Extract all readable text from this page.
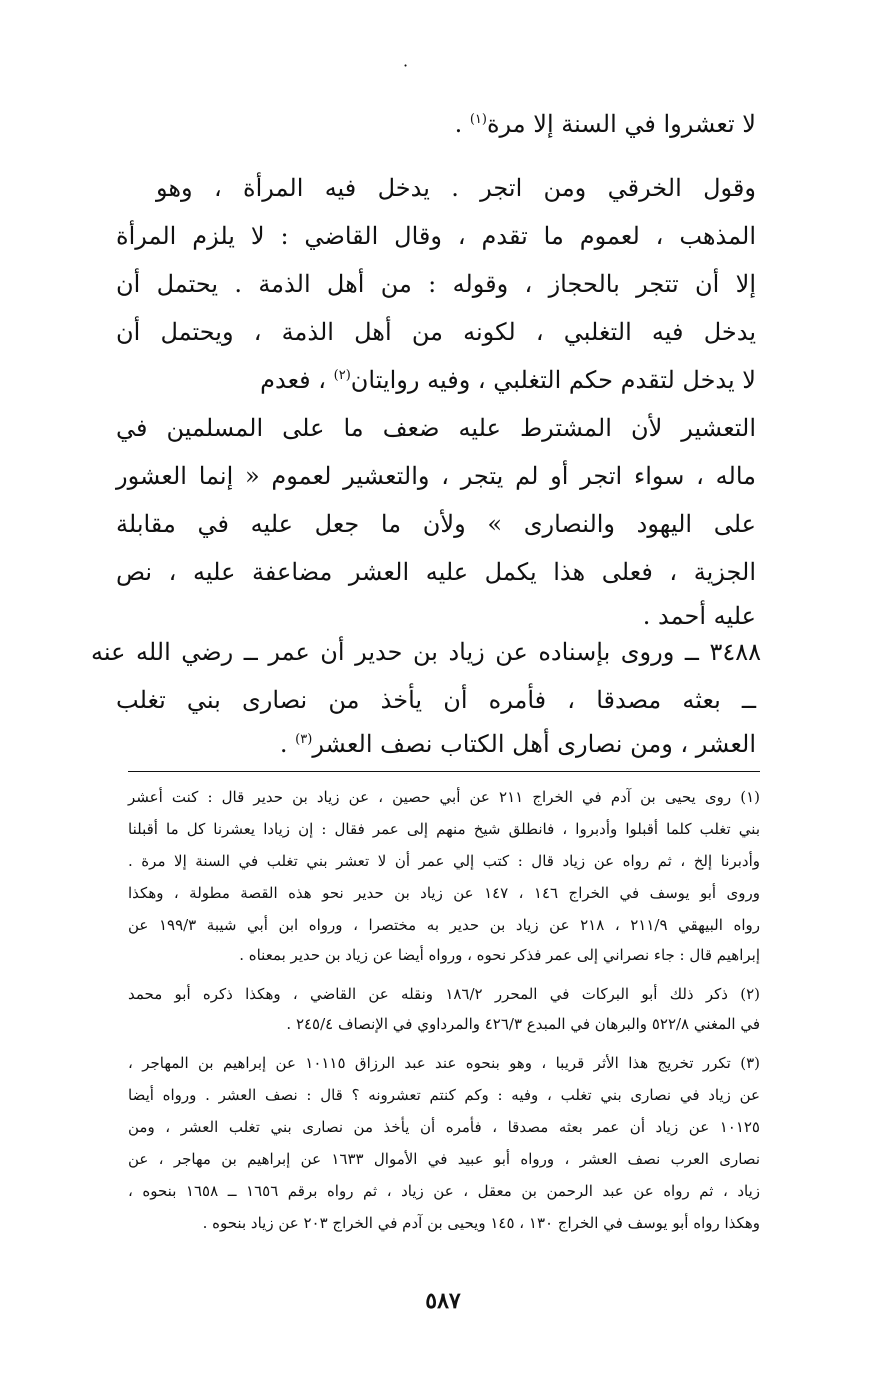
·
لا تعشروا في السنة إلا مرة$^{(١)}$ .
وقول الخرقي ومن اتجر . يدخل فيه المرأة ، وهو
المذهب ، لعموم ما تقدم ، وقال القاضي : لا يلزم المرأة
إلا أن تتجر بالحجاز ، وقوله : من أهل الذمة . يحتمل أن
يدخل فيه التغلبي ، لكونه من أهل الذمة ، ويحتمل أن
لا يدخل لتقدم حكم التغلبي ، وفيه روايتان$^{(٢)}$ ، فعدم
التعشير لأن المشترط عليه ضعف ما على المسلمين في
ماله ، سواء اتجر أو لم يتجر ، والتعشير لعموم « إنما العشور
على اليهود والنصارى » ولأن ما جعل عليه في مقابلة
الجزية ، فعلى هذا يكمل عليه العشر مضاعفة عليه ، نص
عليه أحمد .
٣٤٨٨ ــ وروى بإسناده عن زياد بن حدير أن عمر ــ رضي الله عنه
ــ بعثه مصدقا ، فأمره أن يأخذ من نصارى بني تغلب
العشر ، ومن نصارى أهل الكتاب نصف العشر$^{(٣)}$ .
(١) روى يحيى بن آدم في الخراج ٢١١ عن أبي حصين ، عن زياد بن حدير قال : كنت أعشر
بني تغلب كلما أقبلوا وأدبروا ، فانطلق شيخ منهم إلى عمر فقال : إن زيادا يعشرنا كل ما أقبلنا
وأدبرنا إلخ ، ثم رواه عن زياد قال : كتب إلي عمر أن لا تعشر بني تغلب في السنة إلا مرة .
وروى أبو يوسف في الخراج ١٤٦ ، ١٤٧ عن زياد بن حدير نحو هذه القصة مطولة ، وهكذا
رواه البيهقي ٢١١/٩ ، ٢١٨ عن زياد بن حدير به مختصرا ، ورواه ابن أبي شيبة ١٩٩/٣ عن
إبراهيم قال : جاء نصراني إلى عمر فذكر نحوه ، ورواه أيضا عن زياد بن حدير بمعناه .
(٢) ذكر ذلك أبو البركات في المحرر ١٨٦/٢ ونقله عن القاضي ، وهكذا ذكره أبو محمد
في المغني ٥٢٢/٨ والبرهان في المبدع ٤٢٦/٣ والمرداوي في الإنصاف ٢٤٥/٤ .
(٣) تكرر تخريج هذا الأثر قريبا ، وهو بنحوه عند عبد الرزاق ١٠١١٥ عن إبراهيم بن المهاجر ،
عن زياد في نصارى بني تغلب ، وفيه : وكم كنتم تعشرونه ؟ قال : نصف العشر . ورواه أيضا
١٠١٢٥ عن زياد أن عمر بعثه مصدقا ، فأمره أن يأخذ من نصارى بني تغلب العشر ، ومن
نصارى العرب نصف العشر ، ورواه أبو عبيد في الأموال ١٦٣٣ عن إبراهيم بن مهاجر ، عن
زياد ، ثم رواه عن عبد الرحمن بن معقل ، عن زياد ، ثم رواه برقم ١٦٥٦ ــ ١٦٥٨ بنحوه ،
وهكذا رواه أبو يوسف في الخراج ١٣٠ ، ١٤٥ ويحيى بن آدم في الخراج ٢٠٣ عن زياد بنحوه .
٥٨٧
